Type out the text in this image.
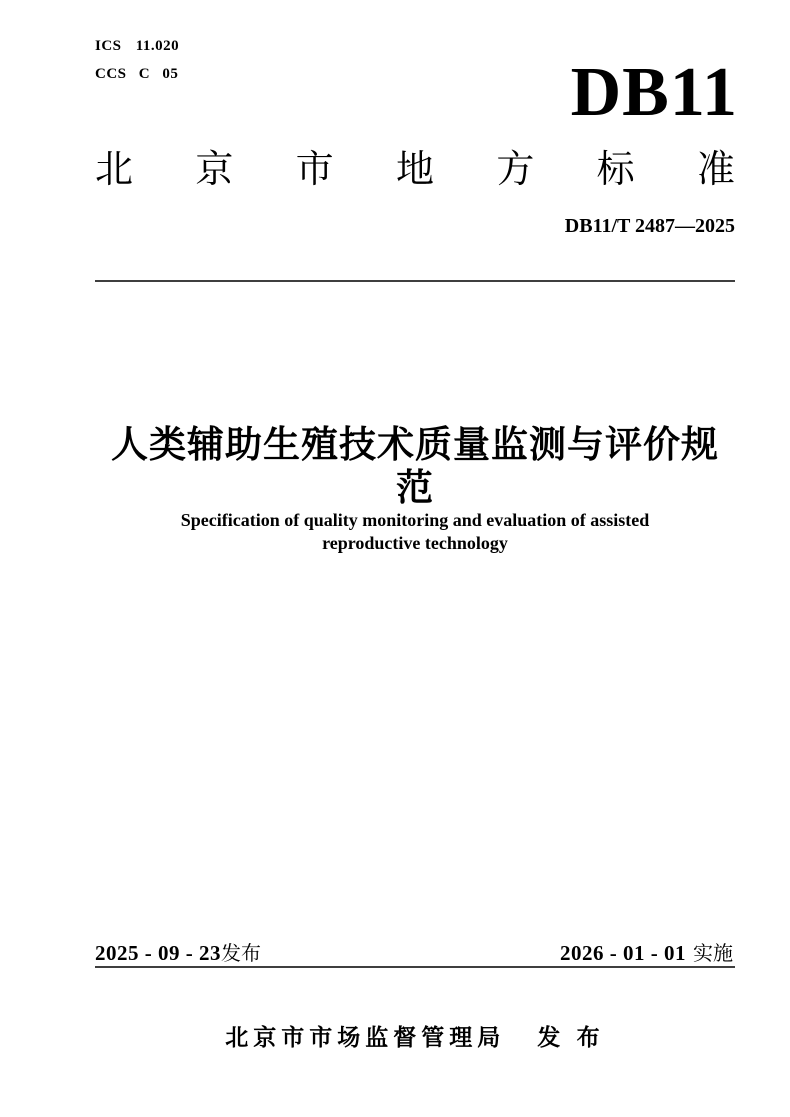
ICS 11.020
CCS C 05	DB11
北 京 市 地 方 标 准
DB11/T 2487—2025
人类辅助生殖技术质量监测与评价规范
Specification of quality monitoring and evaluation of assisted
reproductive technology
2025 - 09 - 23发布	2026 - 01 - 01 实施
北京市市场监督管理局 发 布
